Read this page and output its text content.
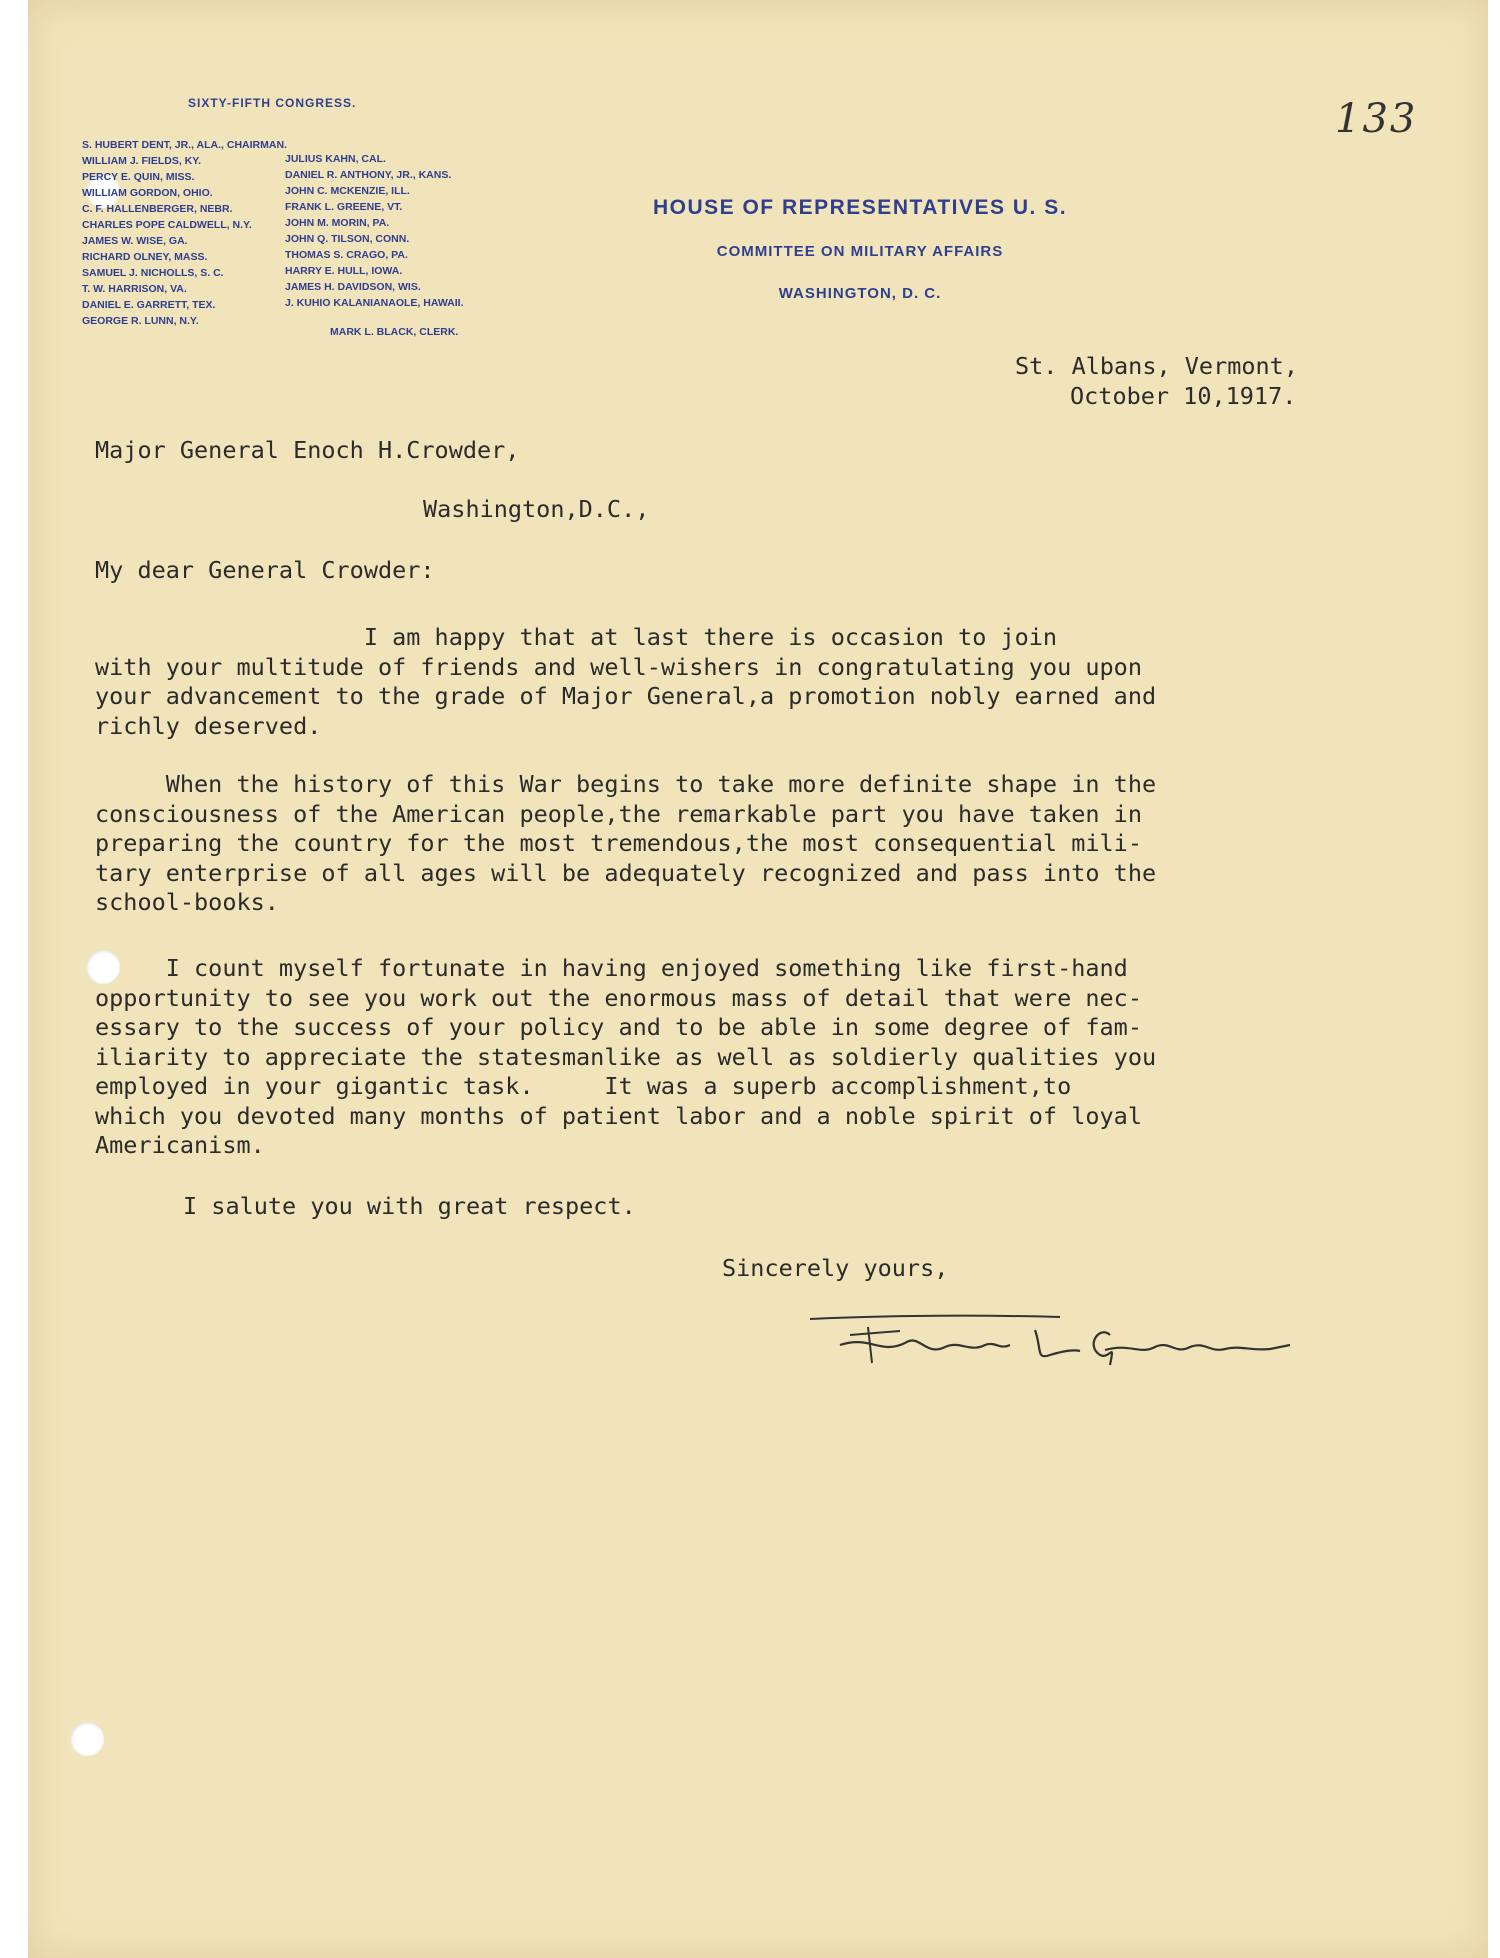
SIXTY-FIFTH CONGRESS.
S. HUBERT DENT, JR., ALA., CHAIRMAN.
WILLIAM J. FIELDS, KY.
PERCY E. QUIN, MISS.
WILLIAM GORDON, OHIO.
C. F. HALLENBERGER, NEBR.
CHARLES POPE CALDWELL, N.Y.
JAMES W. WISE, GA.
RICHARD OLNEY, MASS.
SAMUEL J. NICHOLLS, S. C.
T. W. HARRISON, VA.
DANIEL E. GARRETT, TEX.
GEORGE R. LUNN, N.Y.
JULIUS KAHN, CAL.
DANIEL R. ANTHONY, JR., KANS.
JOHN C. MCKENZIE, ILL.
FRANK L. GREENE, VT.
JOHN M. MORIN, PA.
JOHN Q. TILSON, CONN.
THOMAS S. CRAGO, PA.
HARRY E. HULL, IOWA.
JAMES H. DAVIDSON, WIS.
J. KUHIO KALANIANAOLE, HAWAII.
MARK L. BLACK, CLERK.
HOUSE OF REPRESENTATIVES U. S.
COMMITTEE ON MILITARY AFFAIRS
WASHINGTON, D. C.
133
St. Albans, Vermont,
October 10,1917.
Major General Enoch H.Crowder,
Washington,D.C.,
My dear General Crowder:
I am happy that at last there is occasion to join
with your multitude of friends and well-wishers in congratulating you upon
your advancement to the grade of Major General,a promotion nobly earned and
richly deserved.
When the history of this War begins to take more definite shape in the
consciousness of the American people,the remarkable part you have taken in
preparing the country for the most tremendous,the most consequential mili-
tary enterprise of all ages will be adequately recognized and pass into the
school-books.
I count myself fortunate in having enjoyed something like first-hand
opportunity to see you work out the enormous mass of detail that were nec-
essary to the success of your policy and to be able in some degree of fam-
iliarity to appreciate the statesmanlike as well as soldierly qualities you
employed in your gigantic task.     It was a superb accomplishment,to
which you devoted many months of patient labor and a noble spirit of loyal
Americanism.
I salute you with great respect.
Sincerely yours,
